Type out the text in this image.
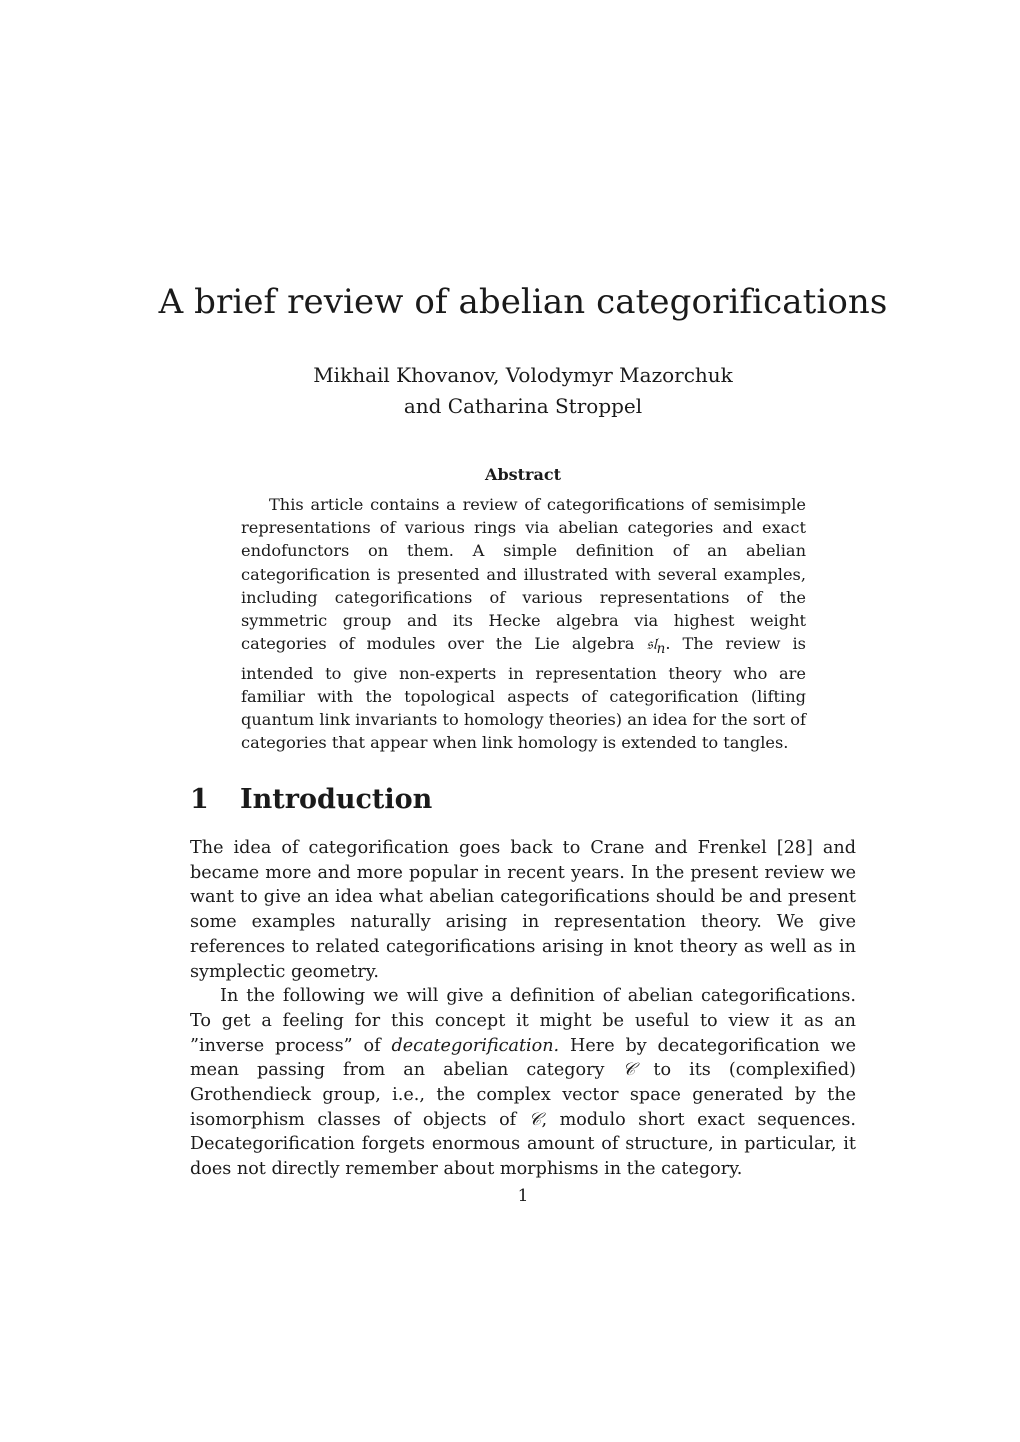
A brief review of abelian categorifications
Mikhail Khovanov, Volodymyr Mazorchuk
and Catharina Stroppel
Abstract

This article contains a review of categorifications of semisimple representations of various rings via abelian categories and exact endofunctors on them. A simple definition of an abelian categorification is presented and illustrated with several examples, including categorifications of various representations of the symmetric group and its Hecke algebra via highest weight categories of modules over the Lie algebra 𝔰𝔩$_n$. The review is intended to give non-experts in representation theory who are familiar with the topological aspects of categorification (lifting quantum link invariants to homology theories) an idea for the sort of categories that appear when link homology is extended to tangles.

1 Introduction

The idea of categorification goes back to Crane and Frenkel [28] and became more and more popular in recent years. In the present review we want to give an idea what abelian categorifications should be and present some examples naturally arising in representation theory. We give references to related categorifications arising in knot theory as well as in symplectic geometry.

In the following we will give a definition of abelian categorifications. To get a feeling for this concept it might be useful to view it as an ”inverse process” of decategorification. Here by decategorification we mean passing from an abelian category 𝒞 to its (complexified) Grothendieck group, i.e., the complex vector space generated by the isomorphism classes of objects of 𝒞, modulo short exact sequences. Decategorification forgets enormous amount of structure, in particular, it does not directly remember about morphisms in the category.

1
